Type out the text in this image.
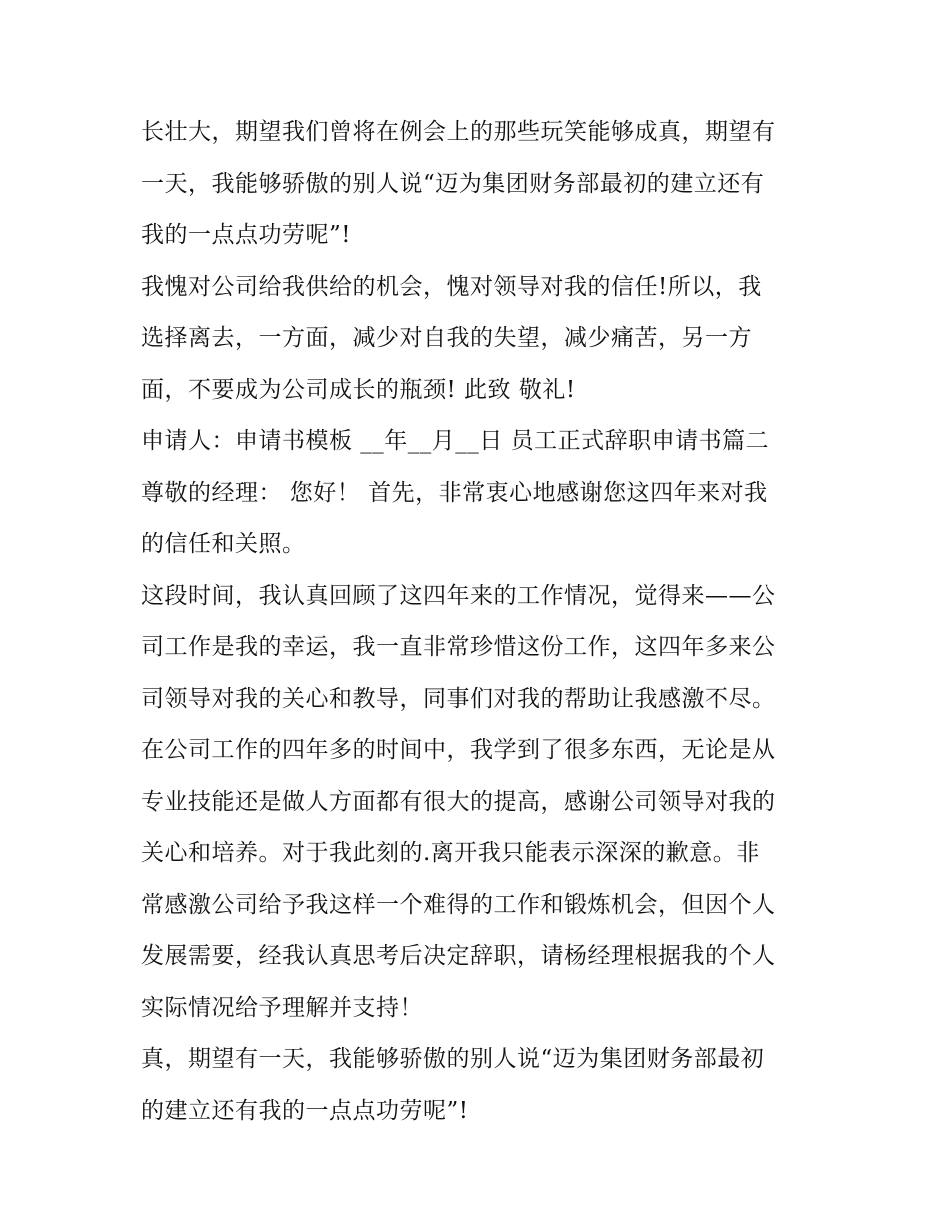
长壮大，期望我们曾将在例会上的那些玩笑能够成真，期望有
一天，我能够骄傲的别人说“迈为集团财务部最初的建立还有
我的一点点功劳呢”!
我愧对公司给我供给的机会，愧对领导对我的信任!所以，我
选择离去，一方面，减少对自我的失望，减少痛苦，另一方
面，不要成为公司成长的瓶颈! 此致 敬礼!
申请人：申请书模板 __年__月__日 员工正式辞职申请书篇二
尊敬的经理： 您好！ 首先，非常衷心地感谢您这四年来对我
的信任和关照。
这段时间，我认真回顾了这四年来的工作情况，觉得来——公
司工作是我的幸运，我一直非常珍惜这份工作，这四年多来公
司领导对我的关心和教导，同事们对我的帮助让我感激不尽。
在公司工作的四年多的时间中，我学到了很多东西，无论是从
专业技能还是做人方面都有很大的提高，感谢公司领导对我的
关心和培养。对于我此刻的.离开我只能表示深深的歉意。非
常感激公司给予我这样一个难得的工作和锻炼机会，但因个人
发展需要，经我认真思考后决定辞职，请杨经理根据我的个人
实际情况给予理解并支持！
真，期望有一天，我能够骄傲的别人说“迈为集团财务部最初
的建立还有我的一点点功劳呢”!
